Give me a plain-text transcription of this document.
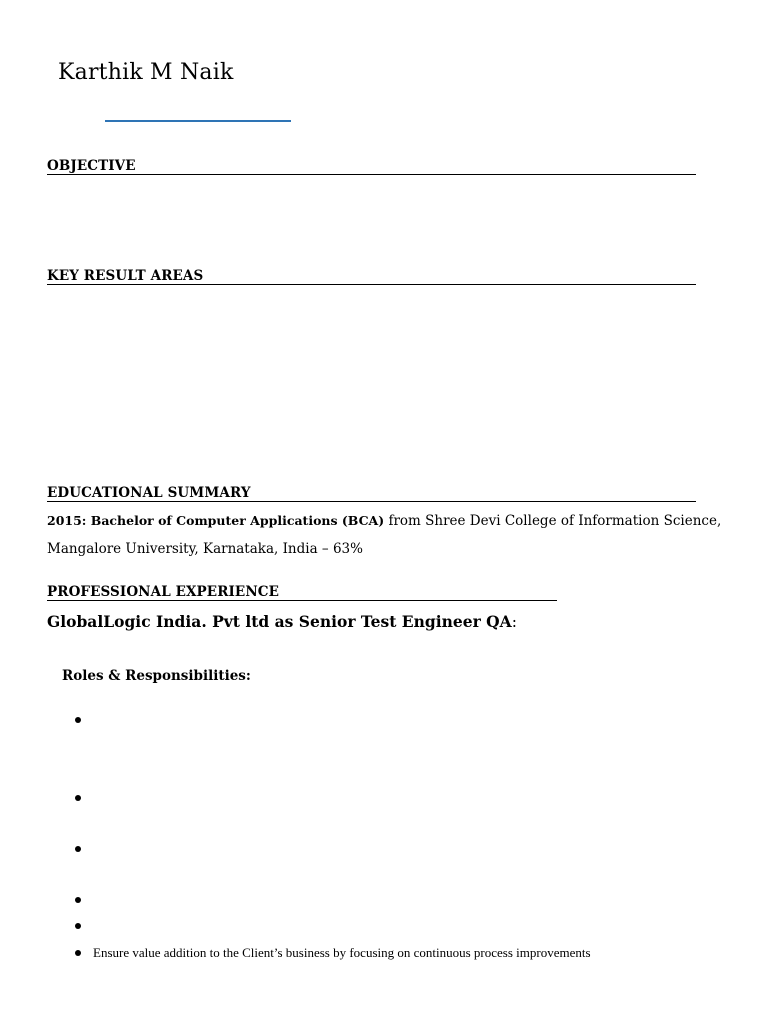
Karthik M Naik
OBJECTIVE
KEY RESULT AREAS
EDUCATIONAL SUMMARY
2015: Bachelor of Computer Applications (BCA) from Shree Devi College of Information Science,
Mangalore University, Karnataka, India – 63%
PROFESSIONAL EXPERIENCE
GlobalLogic India. Pvt ltd as Senior Test Engineer QA:
Roles & Responsibilities:
Ensure value addition to the Client’s business by focusing on continuous process improvements
